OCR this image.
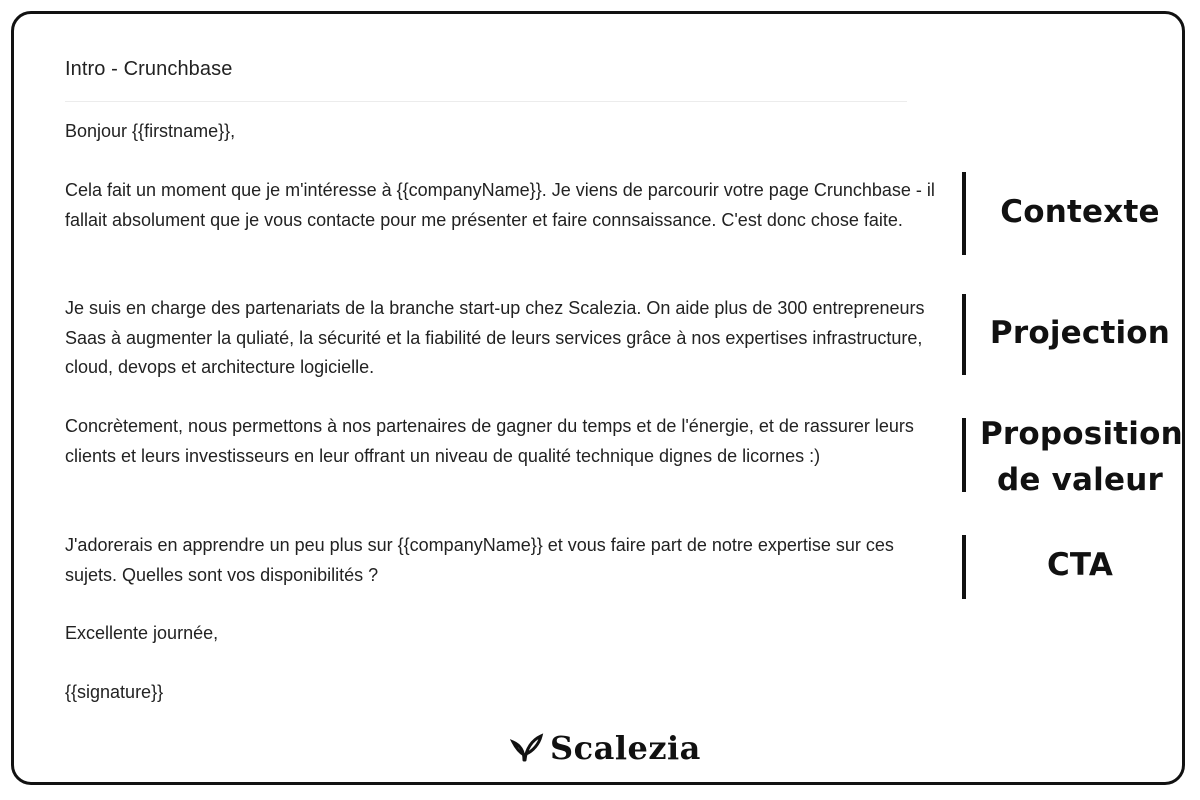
Intro - Crunchbase

Bonjour {{firstname}},

Cela fait un moment que je m'intéresse à {{companyName}}. Je viens de parcourir votre page Crunchbase - il fallait absolument que je vous contacte pour me présenter et faire connsaissance. C'est donc chose faite.

Je suis en charge des partenariats de la branche start-up chez Scalezia. On aide plus de 300 entrepreneurs Saas à augmenter la quliaté, la sécurité et la fiabilité de leurs services grâce à nos expertises infrastructure, cloud, devops et architecture logicielle.

Concrètement, nous permettons à nos partenaires de gagner du temps et de l'énergie, et de rassurer leurs clients et leurs investisseurs en leur offrant un niveau de qualité technique dignes de licornes :)

J'adorerais en apprendre un peu plus sur {{companyName}} et vous faire part de notre expertise sur ces sujets. Quelles sont vos disponibilités ?

Excellente journée,

{{signature}}

Contexte
Projection
Proposition
de valeur
CTA
Scalezia
